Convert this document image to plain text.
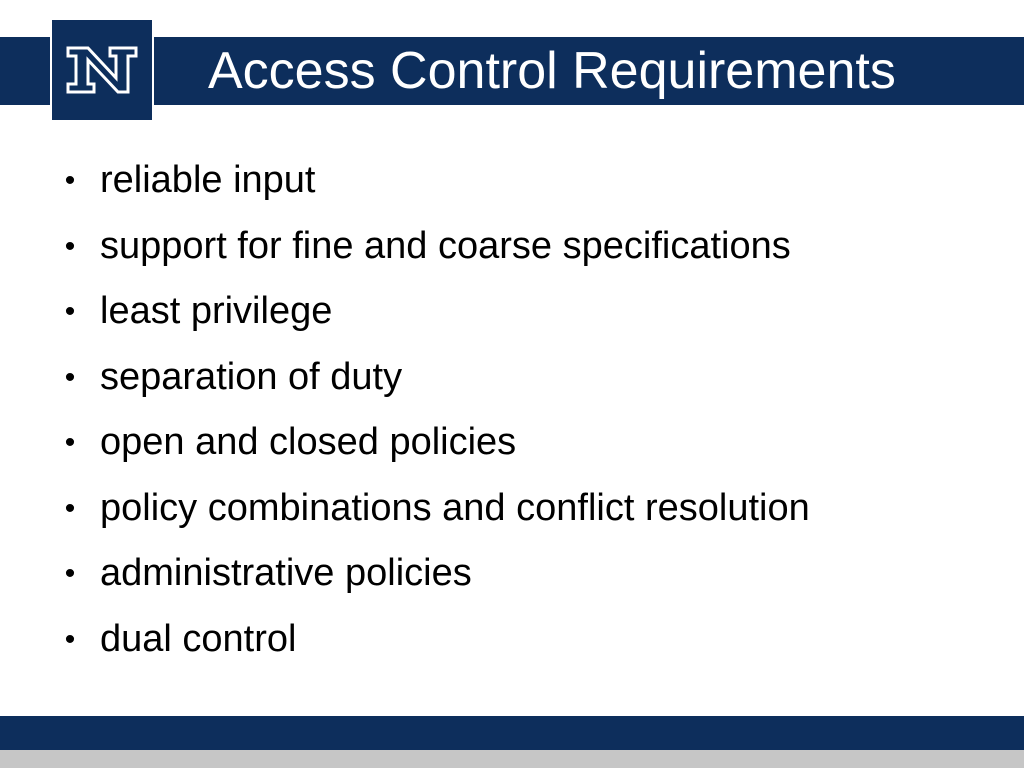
Access Control Requirements
• reliable input
• support for fine and coarse specifications
• least privilege
• separation of duty
• open and closed policies
• policy combinations and conflict resolution
• administrative policies
• dual control
